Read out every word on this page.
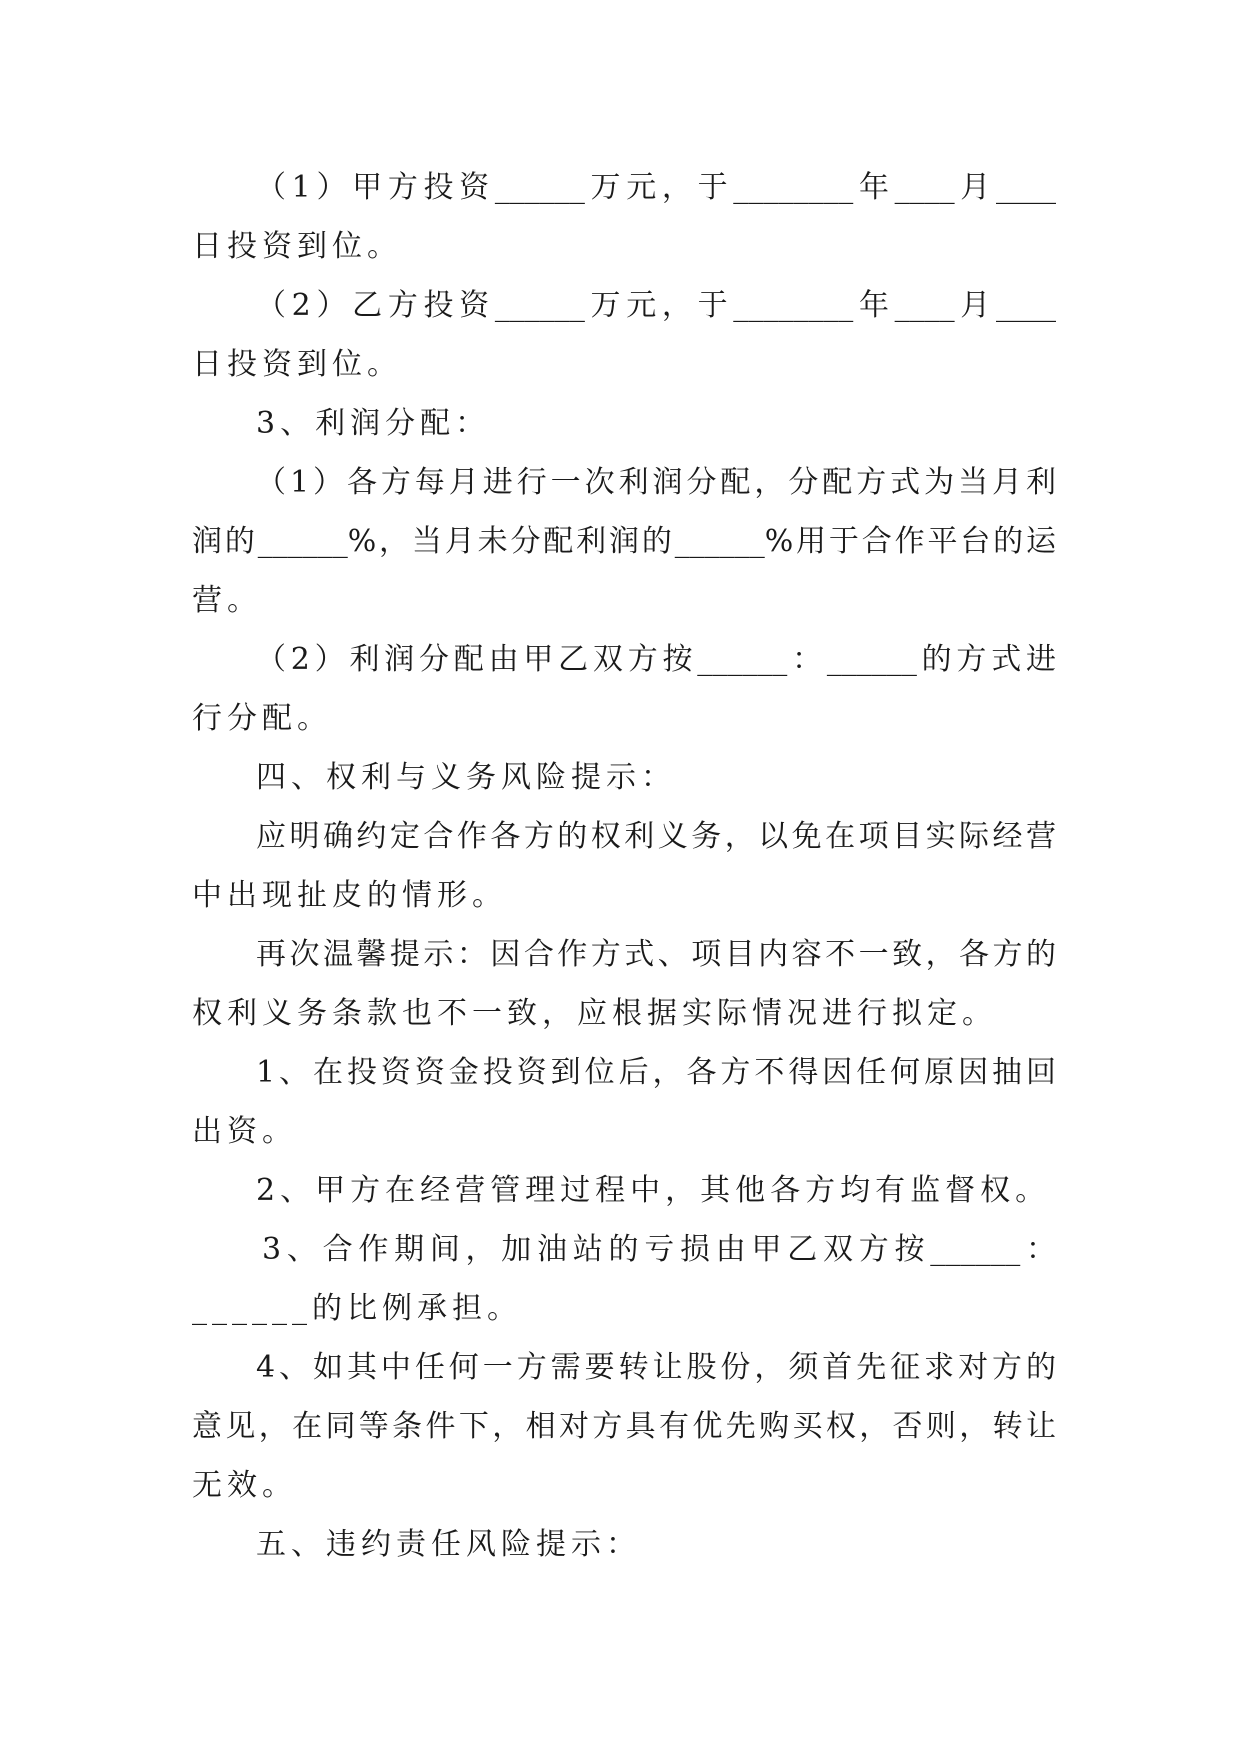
（1）甲方投资______万元，于________年____月____
日投资到位。
（2）乙方投资______万元，于________年____月____
日投资到位。
3、利润分配：
（1）各方每月进行一次利润分配，分配方式为当月利
润的______%，当月未分配利润的______%用于合作平台的运
营。
（2）利润分配由甲乙双方按______：______的方式进
行分配。
四、权利与义务风险提示：
应明确约定合作各方的权利义务，以免在项目实际经营
中出现扯皮的情形。
再次温馨提示：因合作方式、项目内容不一致，各方的
权利义务条款也不一致，应根据实际情况进行拟定。
1、在投资资金投资到位后，各方不得因任何原因抽回
出资。
2、甲方在经营管理过程中，其他各方均有监督权。
3、合作期间，加油站的亏损由甲乙双方按______：
______的比例承担。
4、如其中任何一方需要转让股份，须首先征求对方的
意见，在同等条件下，相对方具有优先购买权，否则，转让
无效。
五、违约责任风险提示：
